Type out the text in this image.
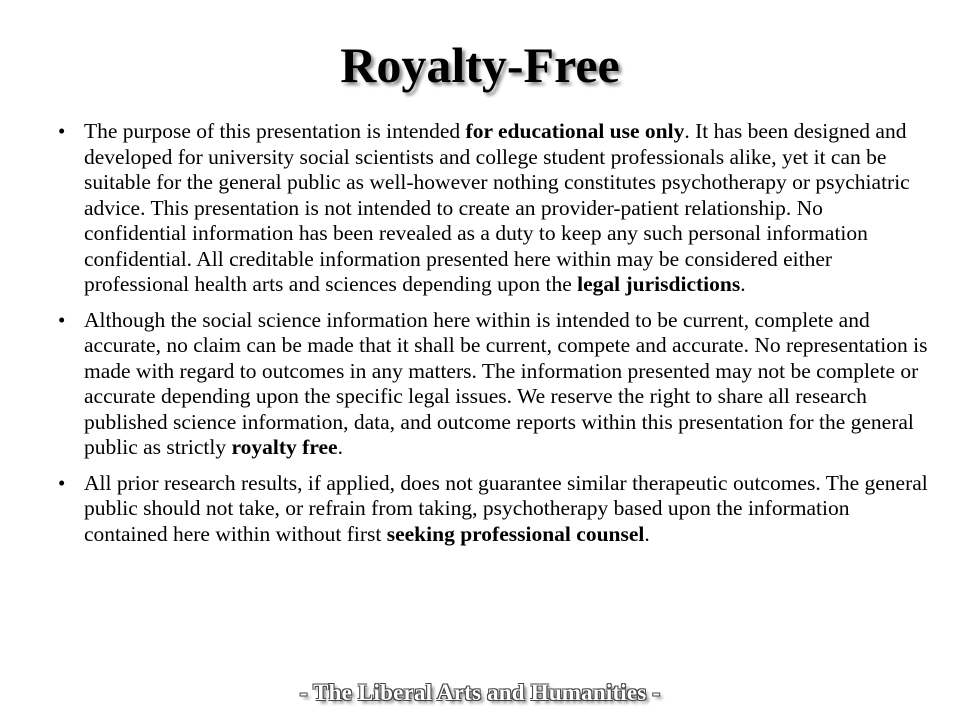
Royalty-Free
• The purpose of this presentation is intended for educational use only. It has been designed and developed for university social scientists and college student professionals alike, yet it can be suitable for the general public as well-however nothing constitutes psychotherapy or psychiatric advice. This presentation is not intended to create an provider-patient relationship. No confidential information has been revealed as a duty to keep any such personal information confidential. All creditable information presented here within may be considered either professional health arts and sciences depending upon the legal jurisdictions.
• Although the social science information here within is intended to be current, complete and accurate, no claim can be made that it shall be current, compete and accurate. No representation is made with regard to outcomes in any matters. The information presented may not be complete or accurate depending upon the specific legal issues. We reserve the right to share all research published science information, data, and outcome reports within this presentation for the general public as strictly royalty free.
• All prior research results, if applied, does not guarantee similar therapeutic outcomes. The general public should not take, or refrain from taking, psychotherapy based upon the information contained here within without first seeking professional counsel.
- The Liberal Arts and Humanities -
